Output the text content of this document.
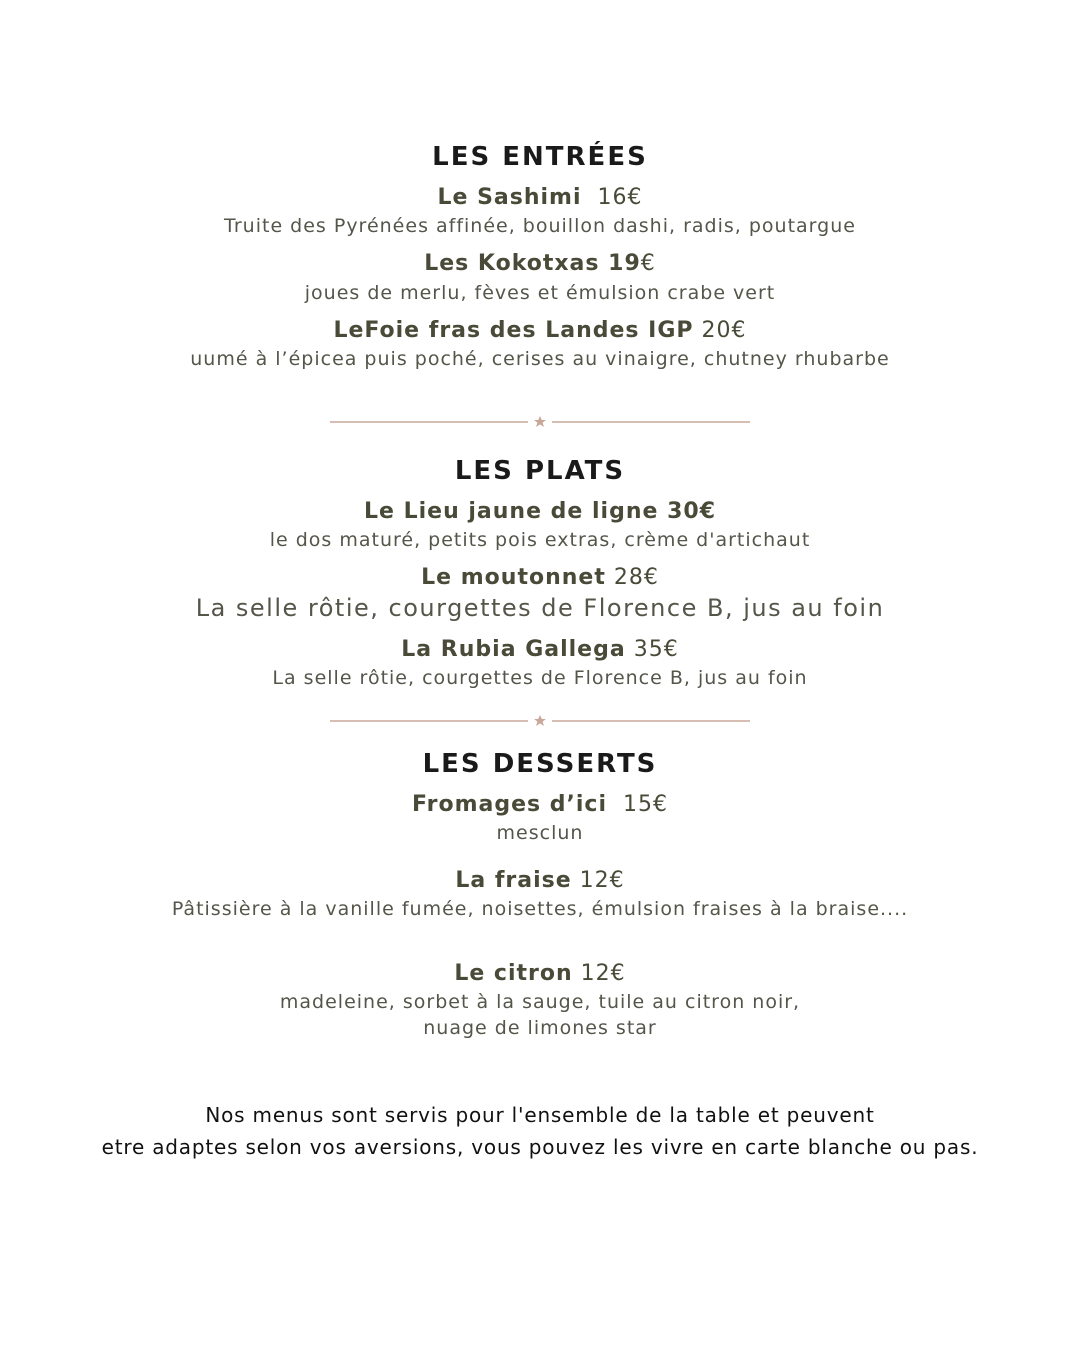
LES ENTRÉES
Le Sashimi 16€
Truite des Pyrénées affinée, bouillon dashi, radis, poutargue
Les Kokotxas 19€
joues de merlu, fèves et émulsion crabe vert
LeFoie fras des Landes IGP 20€
uumé à l’épicea puis poché, cerises au vinaigre, chutney rhubarbe
LES PLATS
Le Lieu jaune de ligne 30€
le dos maturé, petits pois extras, crème d'artichaut
Le moutonnet 28€
La selle rôtie, courgettes de Florence B, jus au foin
La Rubia Gallega 35€
La selle rôtie, courgettes de Florence B, jus au foin
LES DESSERTS
Fromages d’ici 15€
mesclun
La fraise 12€
Pâtissière à la vanille fumée, noisettes, émulsion fraises à la braise....
Le citron 12€
madeleine, sorbet à la sauge, tuile au citron noir,
nuage de limones star
Nos menus sont servis pour l'ensemble de la table et peuvent
etre adaptes selon vos aversions, vous pouvez les vivre en carte blanche ou pas.
